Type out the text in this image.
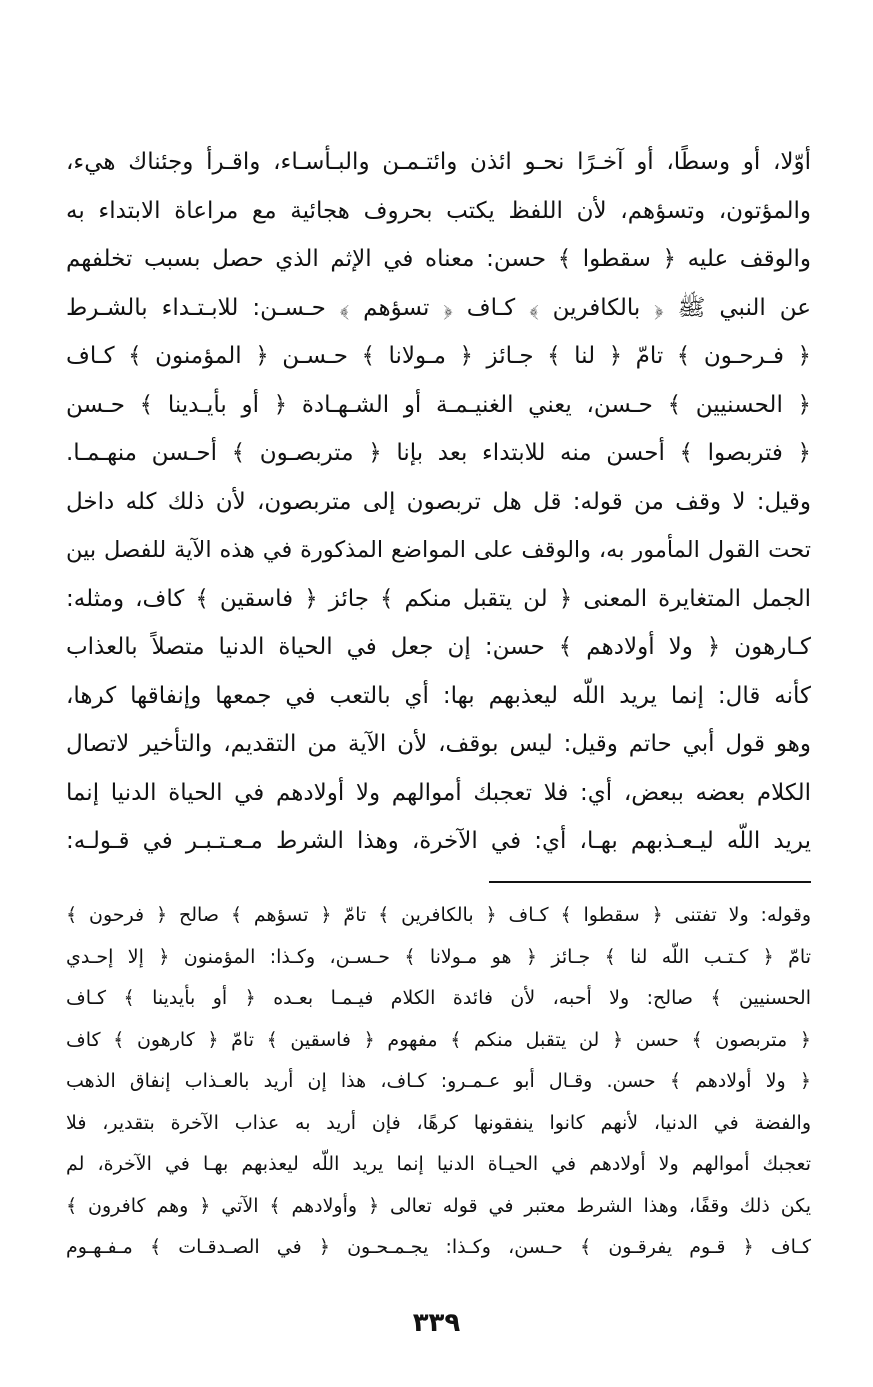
أوّلا، أو وسطًا، أو آخـرًا نحـو ائذن وائتـمـن والبـأسـاء، واقـرأ وجئناك هيء،
والمؤتون، وتسؤهم، لأن اللفظ يكتب بحروف هجائية مع مراعاة الابتداء به
والوقف عليه ﴿ سقطوا ﴾ حسن: معناه في الإثم الذي حصل بسبب تخلفهم
عن النبي ﷺ ﴿ بالكافرين ﴾ كـاف ﴿ تسؤهم ﴾ حـسـن: للابـتـداء بالشـرط
﴿ فـرحـون ﴾ تامّ ﴿ لنا ﴾ جـائز ﴿ مـولانا ﴾ حـسـن ﴿ المؤمنون ﴾ كـاف
﴿ الحسنيين ﴾ حـسن، يعني الغنيـمـة أو الشـهـادة ﴿ أو بأيـدينا ﴾ حـسن
﴿ فتربصوا ﴾ أحسن منه للابتداء بعد بإنا ﴿ متربصـون ﴾ أحـسن منهـمـا.
وقيل: لا وقف من قوله: قل هل تربصون إلى متربصون، لأن ذلك كله داخل
تحت القول المأمور به، والوقف على المواضع المذكورة في هذه الآية للفصل بين
الجمل المتغايرة المعنى ﴿ لن يتقبل منكم ﴾ جائز ﴿ فاسقين ﴾ كاف، ومثله:
كـارهون ﴿ ولا أولادهم ﴾ حسن: إن جعل في الحياة الدنيا متصلاً بالعذاب
كأنه قال: إنما يريد اللّه ليعذبهم بها: أي بالتعب في جمعها وإنفاقها كرها،
وهو قول أبي حاتم وقيل: ليس بوقف، لأن الآية من التقديم، والتأخير لاتصال
الكلام بعضه ببعض، أي: فلا تعجبك أموالهم ولا أولادهم في الحياة الدنيا إنما
يريد اللّه ليـعـذبهم بهـا، أي: في الآخرة، وهذا الشرط مـعـتـبـر في قـولـه:
وقوله: ولا تفتنى ﴿ سقطوا ﴾ كـاف ﴿ بالكافرين ﴾ تامّ ﴿ تسؤهم ﴾ صالح ﴿ فرحون ﴾
تامّ ﴿ كـتـب اللّه لنا ﴾ جـائز ﴿ هو مـولانا ﴾ حـسـن، وكـذا: المؤمنون ﴿ إلا إحـدي
الحسنيين ﴾ صالح: ولا أحبه، لأن فائدة الكلام فيـمـا بعـده ﴿ أو بأيدينا ﴾ كـاف
﴿ متربصون ﴾ حسن ﴿ لن يتقبل منكم ﴾ مفهوم ﴿ فاسقين ﴾ تامّ ﴿ كارهون ﴾ كاف
﴿ ولا أولادهم ﴾ حسن. وقـال أبو عـمـرو: كـاف، هذا إن أريد بالعـذاب إنفاق الذهب
والفضة في الدنيا، لأنهم كانوا ينفقونها كرهًا، فإن أريد به عذاب الآخرة بتقدير، فلا
تعجبك أموالهم ولا أولادهم في الحيـاة الدنيا إنما يريد اللّه ليعذبهم بهـا في الآخرة، لم
يكن ذلك وقفًا، وهذا الشرط معتبر في قوله تعالى ﴿ وأولادهم ﴾ الآتي ﴿ وهم كافرون ﴾
كـاف ﴿ قـوم يفرقـون ﴾ حـسن، وكـذا: يجـمـحـون ﴿ في الصـدقـات ﴾ مـفـهـوم
٣٣٩
